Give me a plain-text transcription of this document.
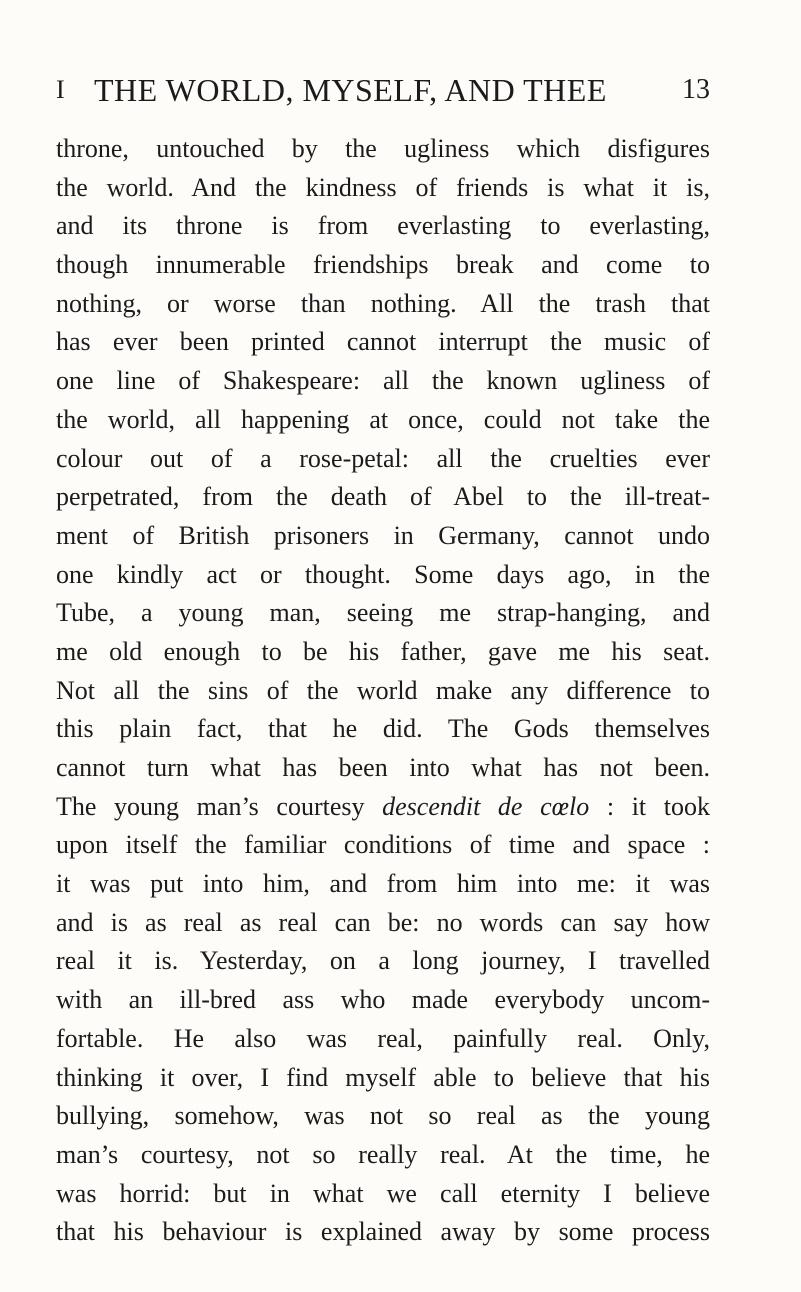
I THE WORLD, MYSELF, AND THEE	13
throne, untouched by the ugliness which disfigures
the world. And the kindness of friends is what it is,
and its throne is from everlasting to everlasting,
though innumerable friendships break and come to
nothing, or worse than nothing. All the trash that
has ever been printed cannot interrupt the music of
one line of Shakespeare: all the known ugliness of
the world, all happening at once, could not take the
colour out of a rose-petal: all the cruelties ever
perpetrated, from the death of Abel to the ill-treat-
ment of British prisoners in Germany, cannot undo
one kindly act or thought. Some days ago, in the
Tube, a young man, seeing me strap-hanging, and
me old enough to be his father, gave me his seat.
Not all the sins of the world make any difference to
this plain fact, that he did. The Gods themselves
cannot turn what has been into what has not been.
The young man’s courtesy descendit de cœlo : it took
upon itself the familiar conditions of time and space :
it was put into him, and from him into me: it was
and is as real as real can be: no words can say how
real it is. Yesterday, on a long journey, I travelled
with an ill-bred ass who made everybody uncom-
fortable. He also was real, painfully real. Only,
thinking it over, I find myself able to believe that his
bullying, somehow, was not so real as the young
man’s courtesy, not so really real. At the time, he
was horrid: but in what we call eternity I believe
that his behaviour is explained away by some process
